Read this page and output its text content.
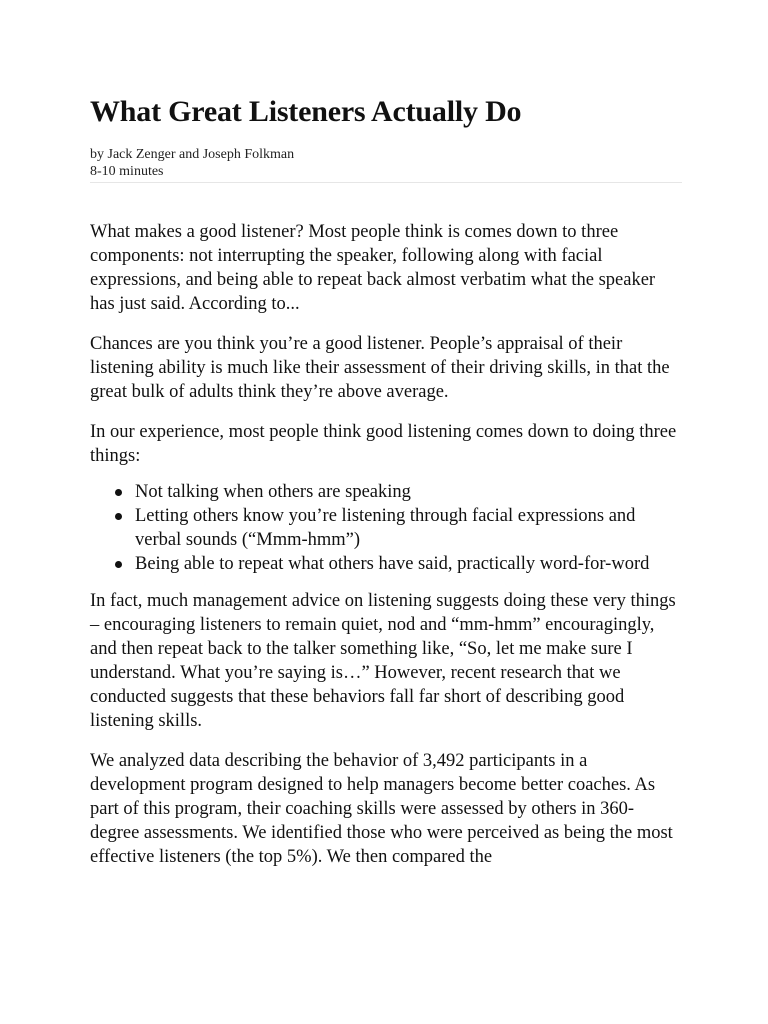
What Great Listeners Actually Do
by Jack Zenger and Joseph Folkman
8-10 minutes

What makes a good listener? Most people think is comes down to three components: not interrupting the speaker, following along with facial expressions, and being able to repeat back almost verbatim what the speaker has just said. According to...

Chances are you think you’re a good listener. People’s appraisal of their listening ability is much like their assessment of their driving skills, in that the great bulk of adults think they’re above average.

In our experience, most people think good listening comes down to doing three things:

Not talking when others are speaking
Letting others know you’re listening through facial expressions and verbal sounds (“Mmm-hmm”)
Being able to repeat what others have said, practically word-for-word

In fact, much management advice on listening suggests doing these very things – encouraging listeners to remain quiet, nod and “mm-hmm” encouragingly, and then repeat back to the talker something like, “So, let me make sure I understand. What you’re saying is…” However, recent research that we conducted suggests that these behaviors fall far short of describing good listening skills.

We analyzed data describing the behavior of 3,492 participants in a development program designed to help managers become better coaches. As part of this program, their coaching skills were assessed by others in 360-degree assessments. We identified those who were perceived as being the most effective listeners (the top 5%). We then compared the
